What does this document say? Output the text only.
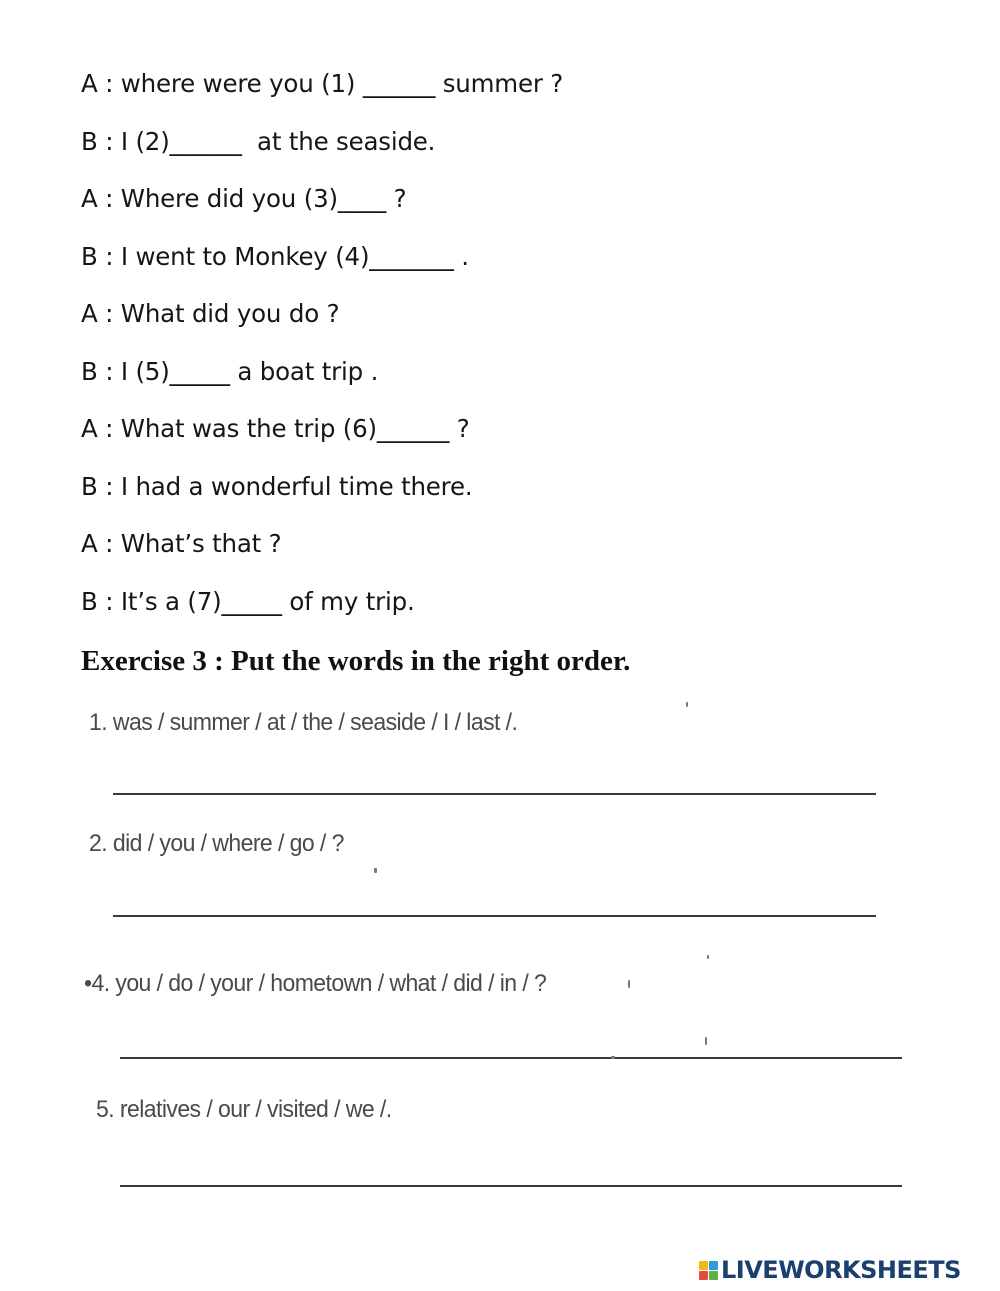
A : where were you (1) ______ summer ?
B : I (2)______  at the seaside.
A : Where did you (3)____ ?
B : I went to Monkey (4)_______ .
A : What did you do ?
B : I (5)_____ a boat trip .
A : What was the trip (6)______ ?
B : I had a wonderful time there.
A : What’s that ?
B : It’s a (7)_____ of my trip.
Exercise 3 : Put the words in the right order.
1. was / summer / at / the / seaside / I / last /.
2. did / you / where / go / ?
•4. you / do / your / hometown / what / did / in / ?
5. relatives / our / visited / we /.
LIVEWORKSHEETS
